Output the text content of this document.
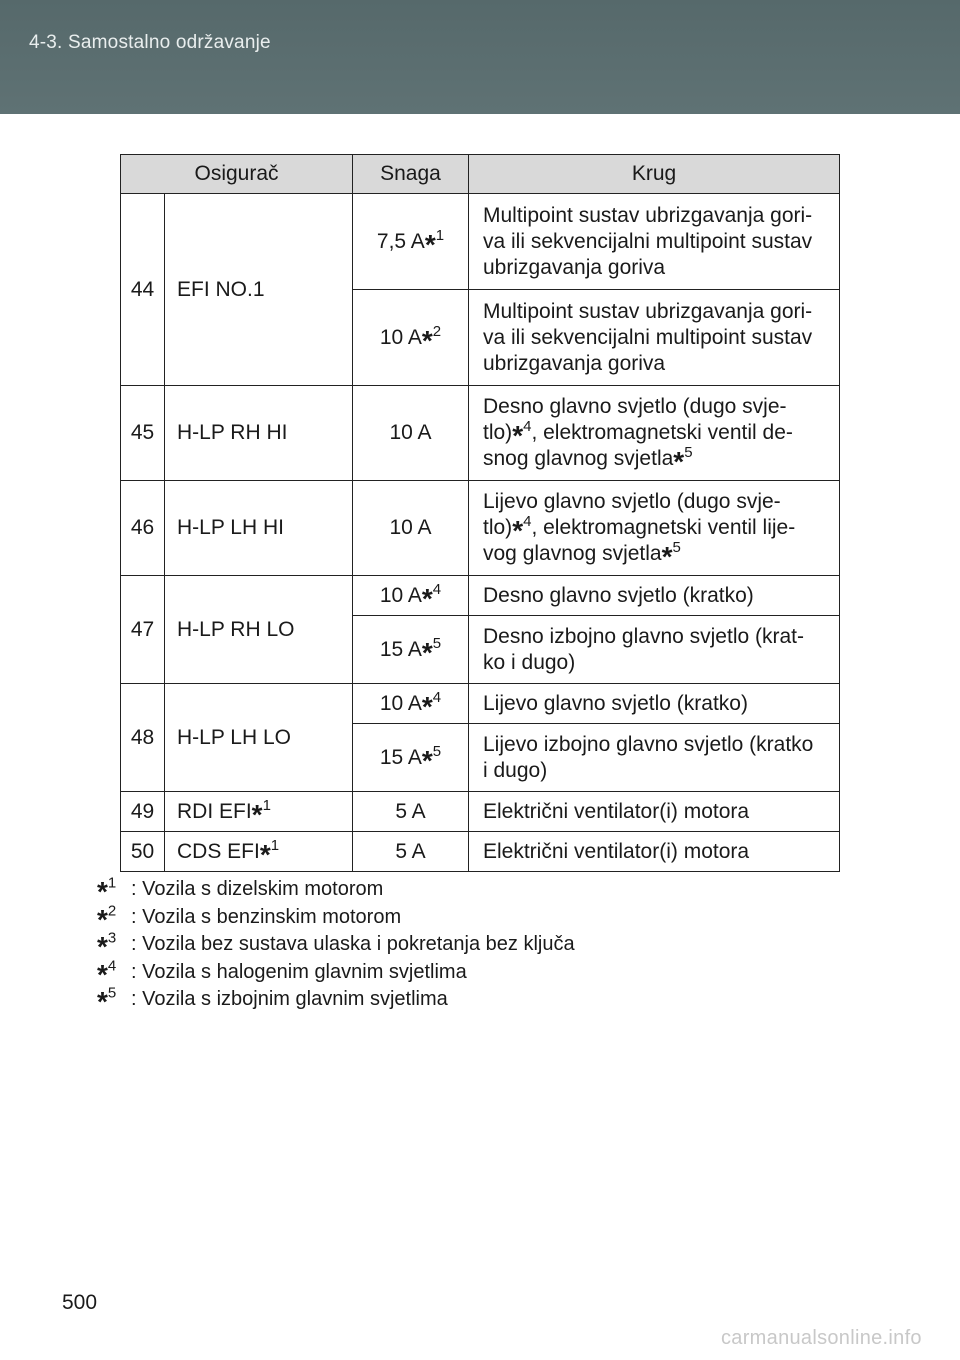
4-3. Samostalno održavanje
Osigurač		Snaga	Krug
44	EFI NO.1	7,5 A*$^1$	Multipoint sustav ubrizgavanja gori-
va ili sekvencijalni multipoint sustav
ubrizgavanja goriva
		10 A*$^2$	Multipoint sustav ubrizgavanja gori-
va ili sekvencijalni multipoint sustav
ubrizgavanja goriva
45	H-LP RH HI	10 A	Desno glavno svjetlo (dugo svje-
tlo)*$^4$, elektromagnetski ventil de-
snog glavnog svjetla*$^5$
46	H-LP LH HI	10 A	Lijevo glavno svjetlo (dugo svje-
tlo)*$^4$, elektromagnetski ventil lije-
vog glavnog svjetla*$^5$
47	H-LP RH LO	10 A*$^4$	Desno glavno svjetlo (kratko)
		15 A*$^5$	Desno izbojno glavno svjetlo (krat-
ko i dugo)
48	H-LP LH LO	10 A*$^4$	Lijevo glavno svjetlo (kratko)
		15 A*$^5$	Lijevo izbojno glavno svjetlo (kratko
i dugo)
49	RDI EFI*$^1$	5 A	Električni ventilator(i) motora
50	CDS EFI*$^1$	5 A	Električni ventilator(i) motora
*$^1$ : Vozila s dizelskim motorom
*$^2$ : Vozila s benzinskim motorom
*$^3$ : Vozila bez sustava ulaska i pokretanja bez ključa
*$^4$ : Vozila s halogenim glavnim svjetlima
*$^5$ : Vozila s izbojnim glavnim svjetlima
500
carmanualsonline.info
